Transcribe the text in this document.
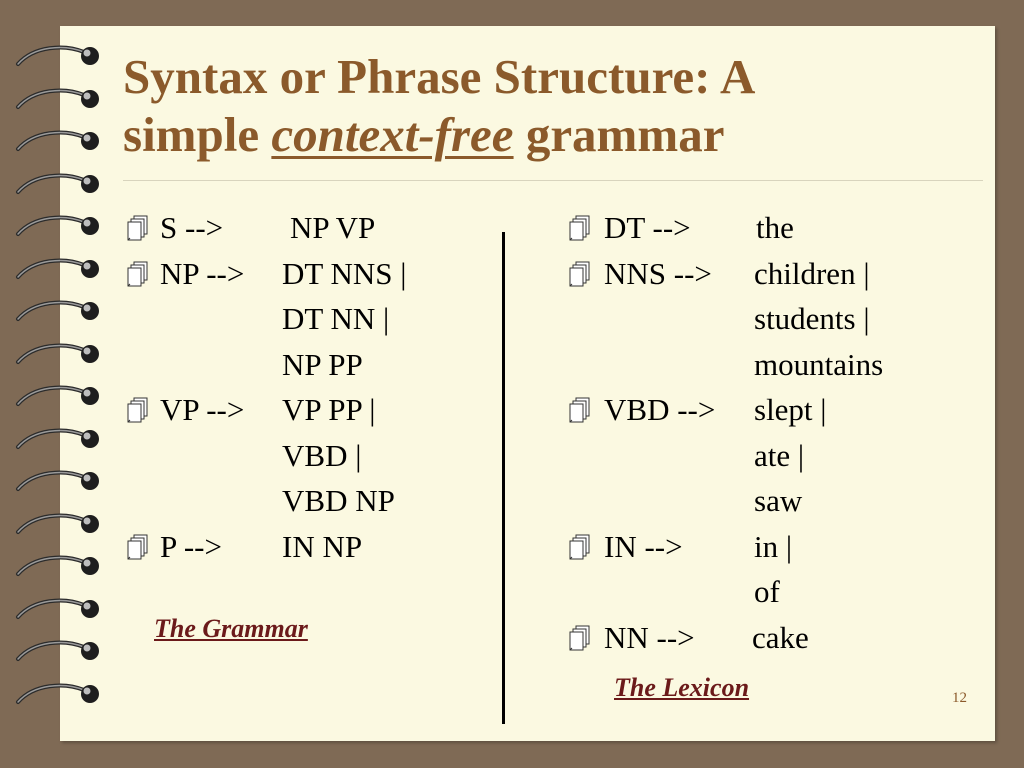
Syntax or Phrase Structure: A
simple context-free grammar
S --> NP VP
NP --> DT NNS |
DT NN |
NP PP
VP --> VP PP |
VBD |
VBD NP
P --> IN NP
DT --> the
NNS --> children |
students |
mountains
VBD --> slept |
ate |
saw
IN --> in |
of
NN --> cake
The Grammar
The Lexicon	12
